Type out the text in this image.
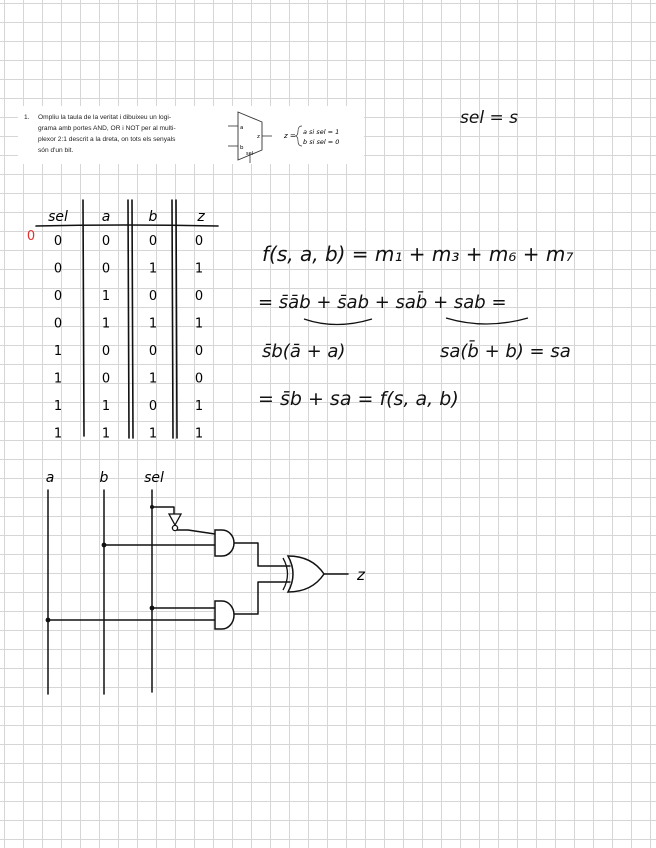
1. Ompliu la taula de la veritat i dibuixeu un logi-
grama amb portes AND, OR i NOT per al multi-
plexor 2:1 descrit a la dreta, on tots els senyals
són d'un bit.
a
b
z
sel
z = a si sel = 1
b si sel = 0
sel = s
sel a	b	z
0 0	0	0	0
0	0	1	1
0	1	0	0
0	1	1	1
1	0	0	0
1	0	1	0
1	1	0	1
1	1	1	1
f(s, a, b) = m₁ + m₃ + m₆ + m₇
= s̄āb + s̄ab + sab̄ + sab =
s̄b(ā + a)	sa(b̄ + b) = sa
= s̄b + sa = f(s, a, b)
a	b	sel
z
